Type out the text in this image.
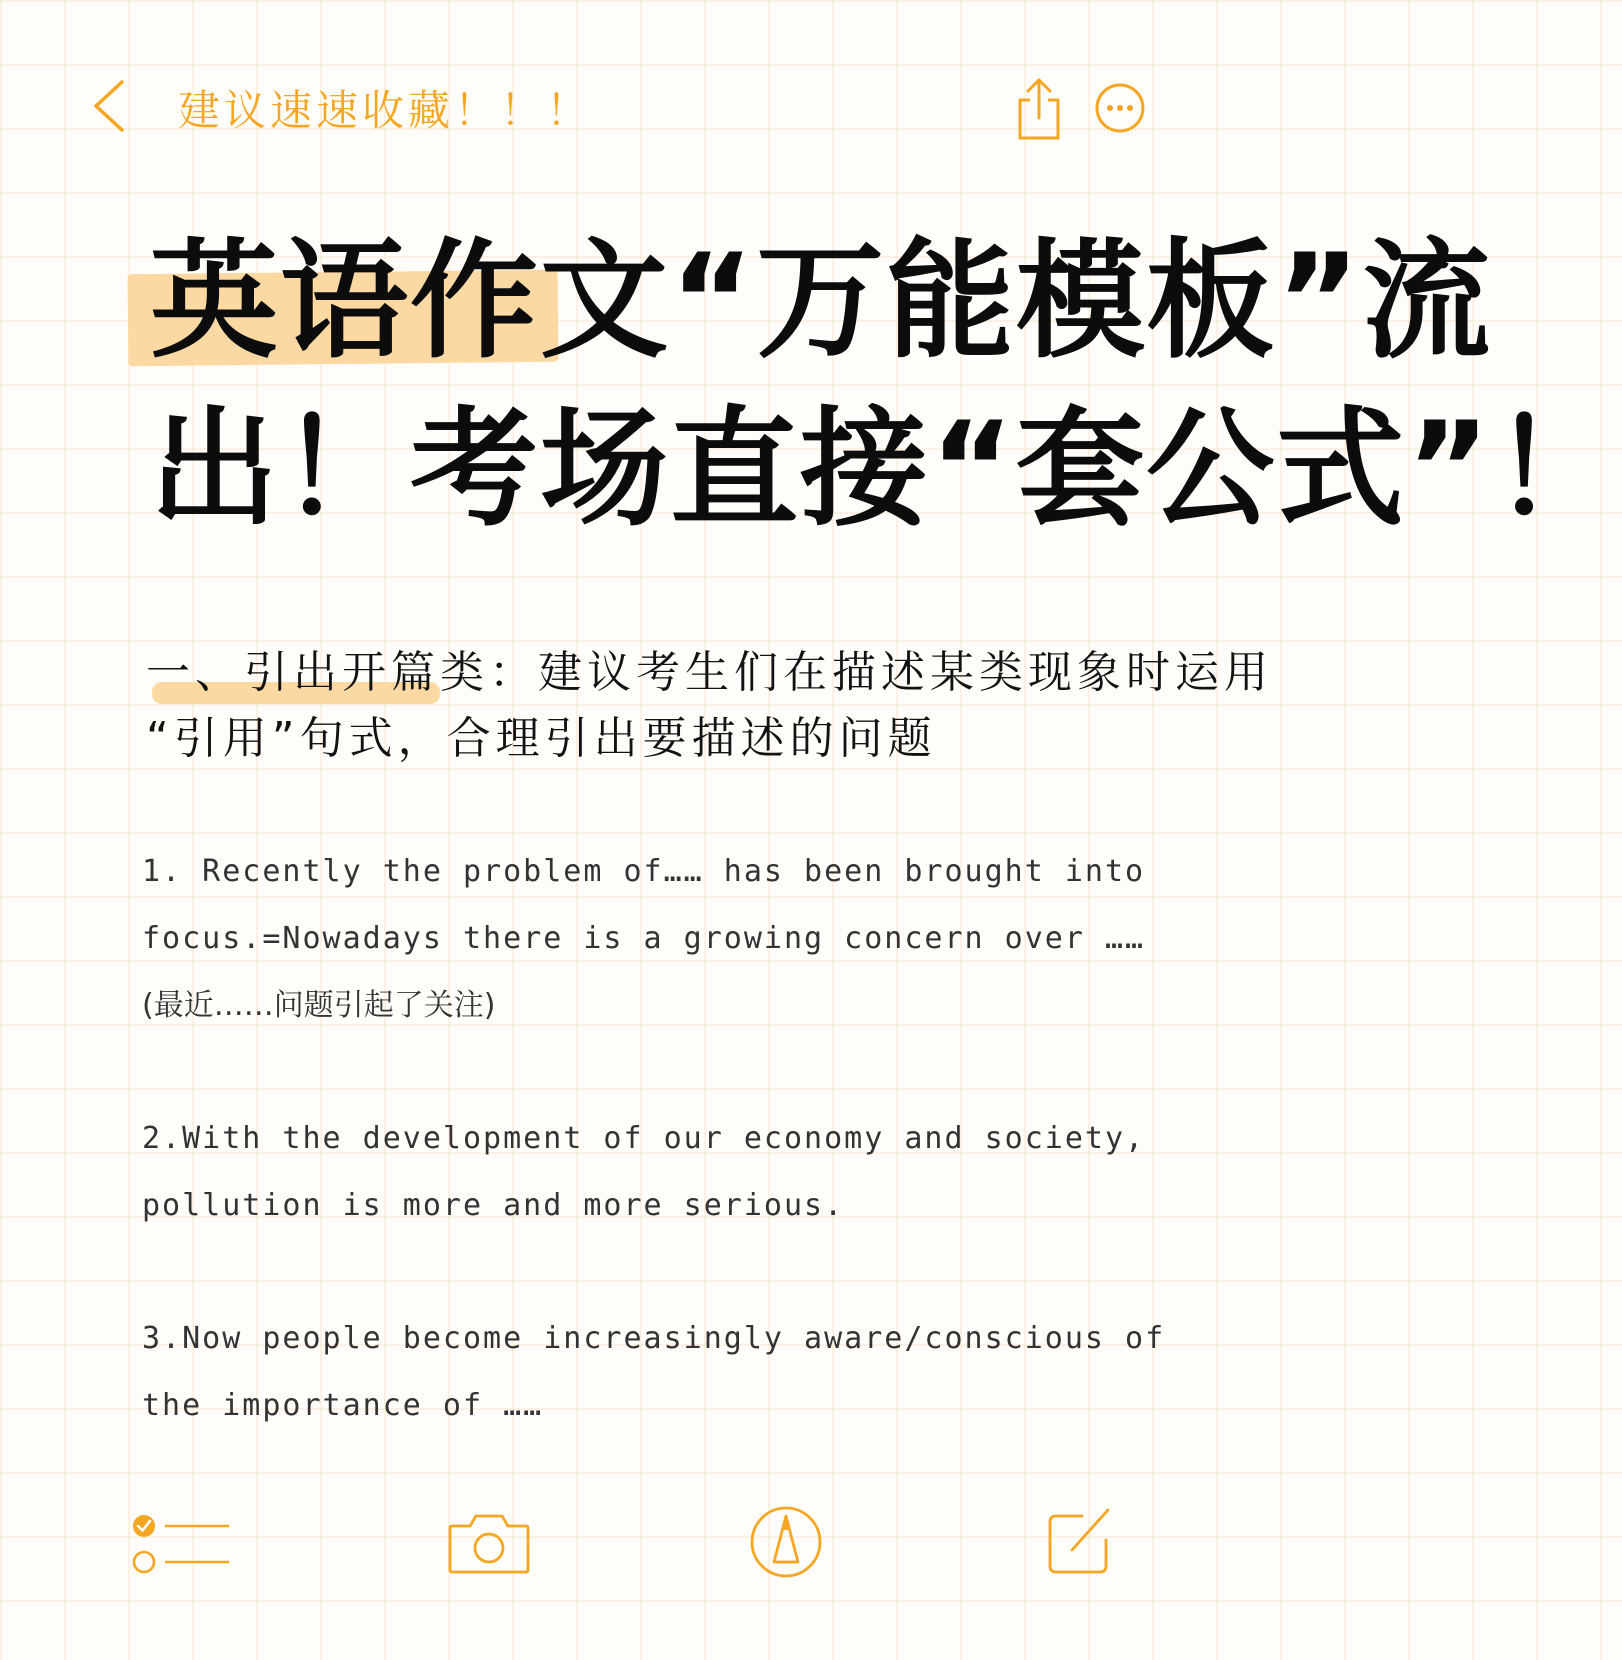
建议速速收藏！！！
英语作文“万能模板”流
出！考场直接“套公式”！
一、引出开篇类：建议考生们在描述某类现象时运用
“引用”句式，合理引出要描述的问题

1. Recently the problem of…… has been brought into

focus.=Nowadays there is a growing concern over ……

(最近……问题引起了关注)

2.With the development of our economy and society,

pollution is more and more serious.

3.Now people become increasingly aware/conscious of

the importance of ……
